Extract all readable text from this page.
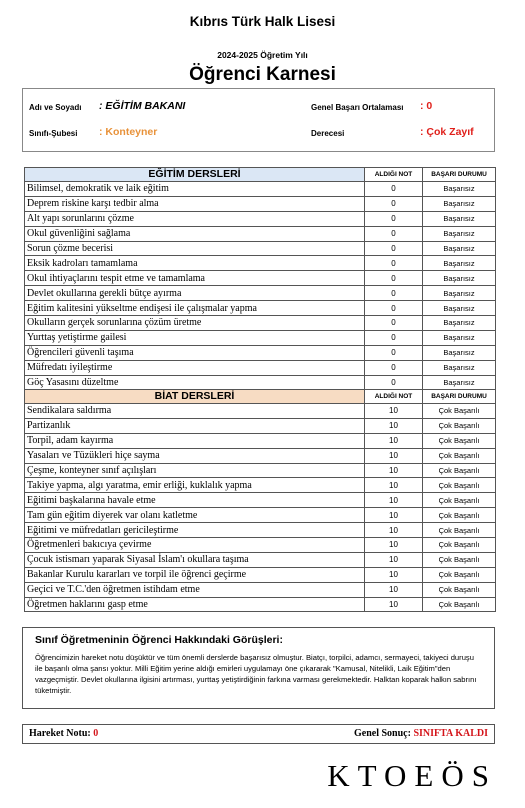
Kıbrıs Türk Halk Lisesi
2024-2025 Öğretim Yılı
Öğrenci Karnesi
Adı ve Soyadı : EĞİTİM BAKANI
Sınıfı-Şubesi : Konteyner
Genel Başarı Ortalaması : 0
Derecesi	: Çok Zayıf
EĞİTİM DERSLERİ	ALDIĞI NOT	BAŞARI DURUMU
Bilimsel, demokratik ve laik eğitim	0	Başarısız
Deprem riskine karşı tedbir alma	0	Başarısız
Alt yapı sorunlarını çözme	0	Başarısız
Okul güvenliğini sağlama	0	Başarısız
Sorun çözme becerisi	0	Başarısız
Eksik kadroları tamamlama	0	Başarısız
Okul ihtiyaçlarını tespit etme ve tamamlama	0	Başarısız
Devlet okullarına gerekli bütçe ayırma	0	Başarısız
Eğitim kalitesini yükseltme endişesi ile çalışmalar yapma	0	Başarısız
Okulların gerçek sorunlarına çözüm üretme	0	Başarısız
Yurttaş yetiştirme gailesi	0	Başarısız
Öğrencileri güvenli taşıma	0	Başarısız
Müfredatı iyileştirme	0	Başarısız
Göç Yasasını düzeltme	0	Başarısız
BİAT DERSLERİ	ALDIĞI NOT	BAŞARI DURUMU
Sendikalara saldırma	10	Çok Başarılı
Partizanlık	10	Çok Başarılı
Torpil, adam kayırma	10	Çok Başarılı
Yasaları ve Tüzükleri hiçe sayma	10	Çok Başarılı
Çeşme, konteyner sınıf açılışları	10	Çok Başarılı
Takiye yapma, algı yaratma, emir erliği, kuklalık yapma	10	Çok Başarılı
Eğitimi başkalarına havale etme	10	Çok Başarılı
Tam gün eğitim diyerek var olanı katletme	10	Çok Başarılı
Eğitimi ve müfredatları gericileştirme	10	Çok Başarılı
Öğretmenleri bakıcıya çevirme	10	Çok Başarılı
Çocuk istismarı yaparak Siyasal İslam'ı okullara taşıma	10	Çok Başarılı
Bakanlar Kurulu kararları ve torpil ile öğrenci geçirme	10	Çok Başarılı
Geçici ve T.C.'den öğretmen istihdam etme	10	Çok Başarılı
Öğretmen haklarını gasp etme	10	Çok Başarılı
Sınıf Öğretmeninin Öğrenci Hakkındaki Görüşleri:
Öğrencimizin hareket notu düşüktür ve tüm önemli derslerde başarısız olmuştur. Biatçı, torpilci, adamcı, sermayeci, takiyeci duruşu ile başarılı olma şansı yoktur. Milli Eğitim yerine aldığı emirleri uygulamayı öne çıkararak "Kamusal, Nitelikli, Laik Eğitim"den vazgeçmiştir. Devlet okullarına ilgisini artırması, yurttaş yetiştirdiğinin farkına varması gerekmektedir. Halktan koparak halkın sabrını tüketmiştir.
Hareket Notu: 0	Genel Sonuç: SINIFTA KALDI
KTOEÖS
